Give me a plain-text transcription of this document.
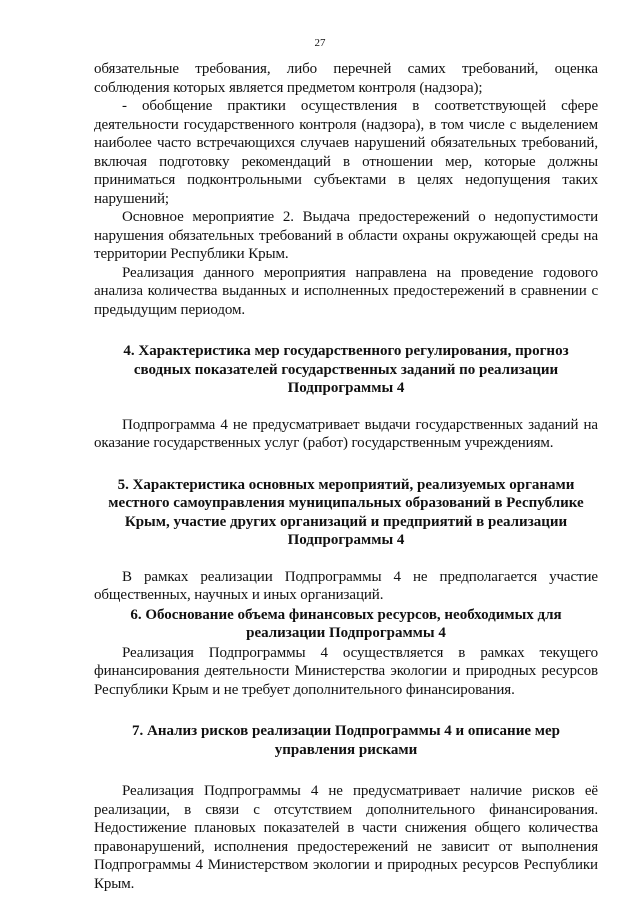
27

обязательные требования, либо перечней самих требований, оценка соблюдения которых является предметом контроля (надзора);

- обобщение практики осуществления в соответствующей сфере деятельности государственного контроля (надзора), в том числе с выделением наиболее часто встречающихся случаев нарушений обязательных требований, включая подготовку рекомендаций в отношении мер, которые должны приниматься подконтрольными субъектами в целях недопущения таких нарушений;

Основное мероприятие 2. Выдача предостережений о недопустимости нарушения обязательных требований в области охраны окружающей среды на территории Республики Крым.

Реализация данного мероприятия направлена на проведение годового анализа количества выданных и исполненных предостережений в сравнении с предыдущим периодом.

4. Характеристика мер государственного регулирования, прогноз сводных показателей государственных заданий по реализации Подпрограммы 4

Подпрограмма 4 не предусматривает выдачи государственных заданий на оказание государственных услуг (работ) государственным учреждениям.

5. Характеристика основных мероприятий, реализуемых органами местного самоуправления муниципальных образований в Республике Крым, участие других организаций и предприятий в реализации Подпрограммы 4

В рамках реализации Подпрограммы 4 не предполагается участие общественных, научных и иных организаций.

6. Обоснование объема финансовых ресурсов, необходимых для реализации Подпрограммы 4

Реализация Подпрограммы 4 осуществляется в рамках текущего финансирования деятельности Министерства экологии и природных ресурсов Республики Крым и не требует дополнительного финансирования.

7. Анализ рисков реализации Подпрограммы 4 и описание мер управления рисками

Реализация Подпрограммы 4 не предусматривает наличие рисков её реализации, в связи с отсутствием дополнительного финансирования. Недостижение плановых показателей в части снижения общего количества правонарушений, исполнения предостережений не зависит от выполнения Подпрограммы 4 Министерством экологии и природных ресурсов Республики Крым.
